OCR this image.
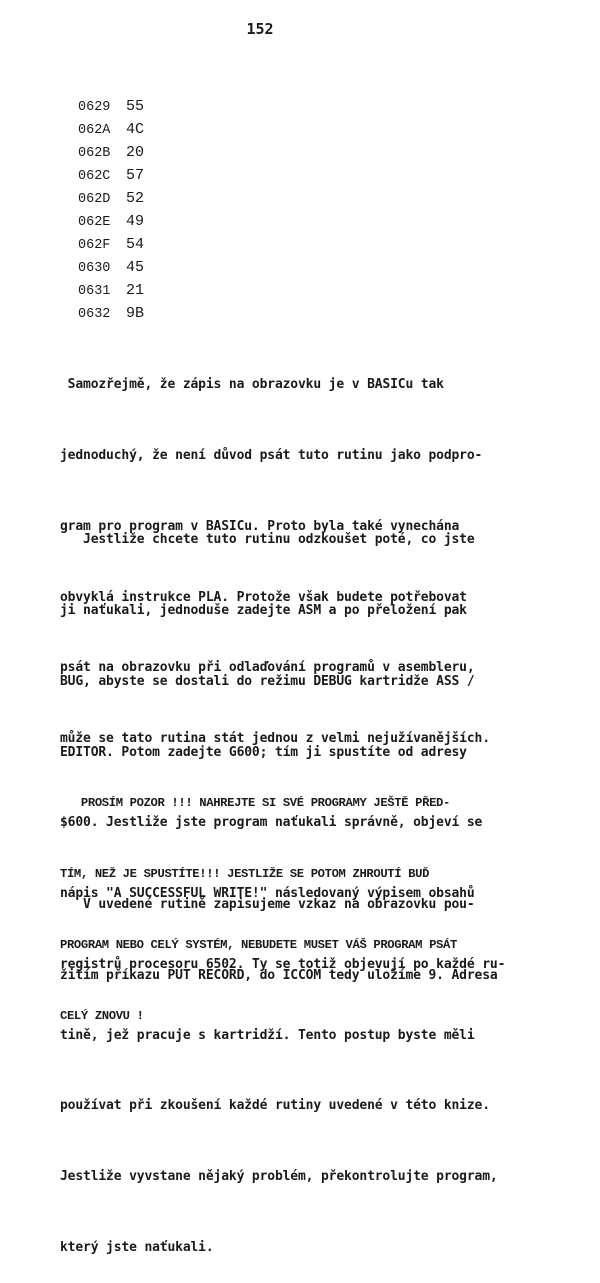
152
0629 55
062A 4C
062B 20
062C 57
062D 52
062E 49
062F 54
0630 45
0631 21
0632 9B

Samozřejmě, že zápis na obrazovku je v BASICu tak

jednoduchý, že není důvod psát tuto rutinu jako podpro-

gram pro program v BASICu. Proto byla také vynechána

obvyklá instrukce PLA. Protože však budete potřebovat

psát na obrazovku při odlaďování programů v asembleru,

může se tato rutina stát jednou z velmi nejužívanějších.

Jestliže chcete tuto rutinu odzkoušet poté, co jste

ji naťukali, jednoduše zadejte ASM a po přeložení pak

BUG, abyste se dostali do režimu DEBUG kartridže ASS /

EDITOR. Potom zadejte G600; tím ji spustíte od adresy

$600. Jestliže jste program naťukali správně, objeví se

nápis "A SUCCESSFUL WRITE!" následovaný výpisem obsahů

registrů procesoru 6502. Ty se totiž objevují po každé ru-

tině, jež pracuje s kartridží. Tento postup byste měli

používat při zkoušení každé rutiny uvedené v této knize.

Jestliže vyvstane nějaký problém, překontrolujte program,

který jste naťukali.

PROSÍM POZOR !!! NAHREJTE SI SVÉ PROGRAMY JEŠTĚ PŘED-

TÍM, NEŽ JE SPUSTÍTE!!! JESTLIŽE SE POTOM ZHROUTÍ BUĎ

PROGRAM NEBO CELÝ SYSTÉM, NEBUDETE MUSET VÁŠ PROGRAM PSÁT

CELÝ ZNOVU !

V uvedené rutině zapisujeme vzkaz na obrazovku pou-

žitím příkazu PUT RECORD, do ICCOM tedy uložíme 9. Adresa
